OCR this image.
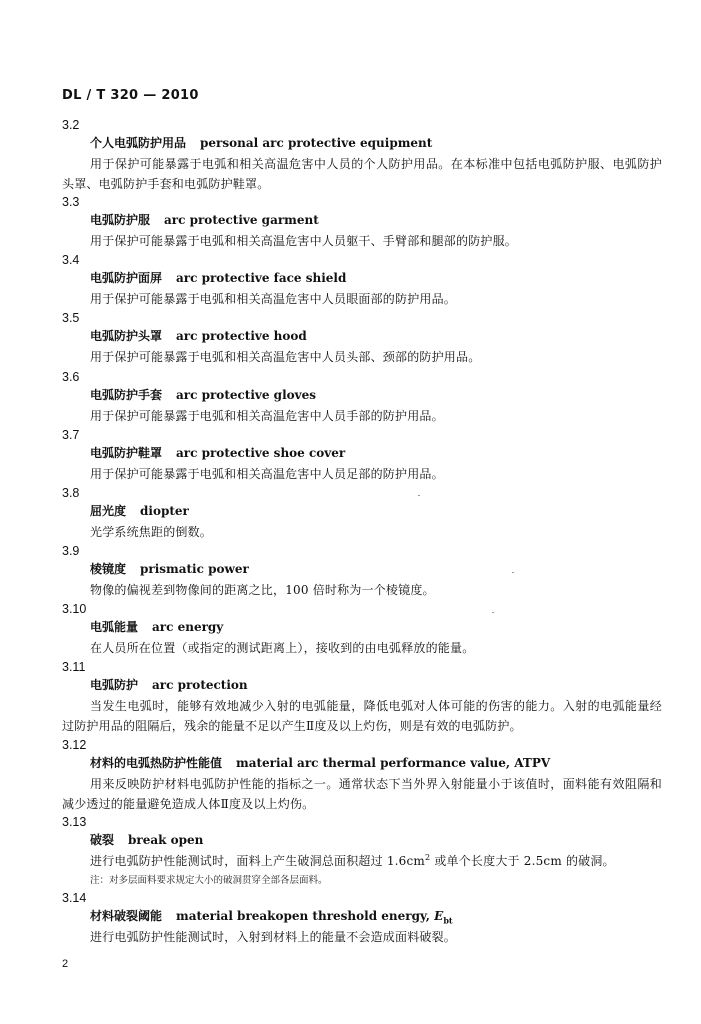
DL / T 320 — 2010
3.2
个人电弧防护用品 personal arc protective equipment

用于保护可能暴露于电弧和相关高温危害中人员的个人防护用品。在本标准中包括电弧防护服、电弧防护头罩、电弧防护手套和电弧防护鞋罩。

3.3
电弧防护服 arc protective garment

用于保护可能暴露于电弧和相关高温危害中人员躯干、手臂部和腿部的防护服。

3.4
电弧防护面屏 arc protective face shield

用于保护可能暴露于电弧和相关高温危害中人员眼面部的防护用品。

3.5
电弧防护头罩 arc protective hood

用于保护可能暴露于电弧和相关高温危害中人员头部、颈部的防护用品。

3.6
电弧防护手套 arc protective gloves

用于保护可能暴露于电弧和相关高温危害中人员手部的防护用品。

3.7
电弧防护鞋罩 arc protective shoe cover

用于保护可能暴露于电弧和相关高温危害中人员足部的防护用品。

3.8
屈光度 diopter

光学系统焦距的倒数。

3.9
棱镜度 prismatic power

物像的偏视差到物像间的距离之比，100 倍时称为一个棱镜度。

3.10
电弧能量 arc energy

在人员所在位置（或指定的测试距离上），接收到的由电弧释放的能量。

3.11
电弧防护 arc protection

当发生电弧时，能够有效地减少入射的电弧能量，降低电弧对人体可能的伤害的能力。入射的电弧能量经过防护用品的阻隔后，残余的能量不足以产生Ⅱ度及以上灼伤，则是有效的电弧防护。

3.12
材料的电弧热防护性能值 material arc thermal performance value, ATPV

用来反映防护材料电弧防护性能的指标之一。通常状态下当外界入射能量小于该值时，面料能有效阻隔和减少透过的能量避免造成人体Ⅱ度及以上灼伤。

3.13
破裂 break open

进行电弧防护性能测试时，面料上产生破洞总面积超过 $1.6cm^2$ 或单个长度大于 2.5cm 的破洞。

注：对多层面料要求规定大小的破洞贯穿全部各层面料。

3.14
材料破裂阈能 material breakopen threshold energy, $E_{bt}$

进行电弧防护性能测试时，入射到材料上的能量不会造成面料破裂。

2
